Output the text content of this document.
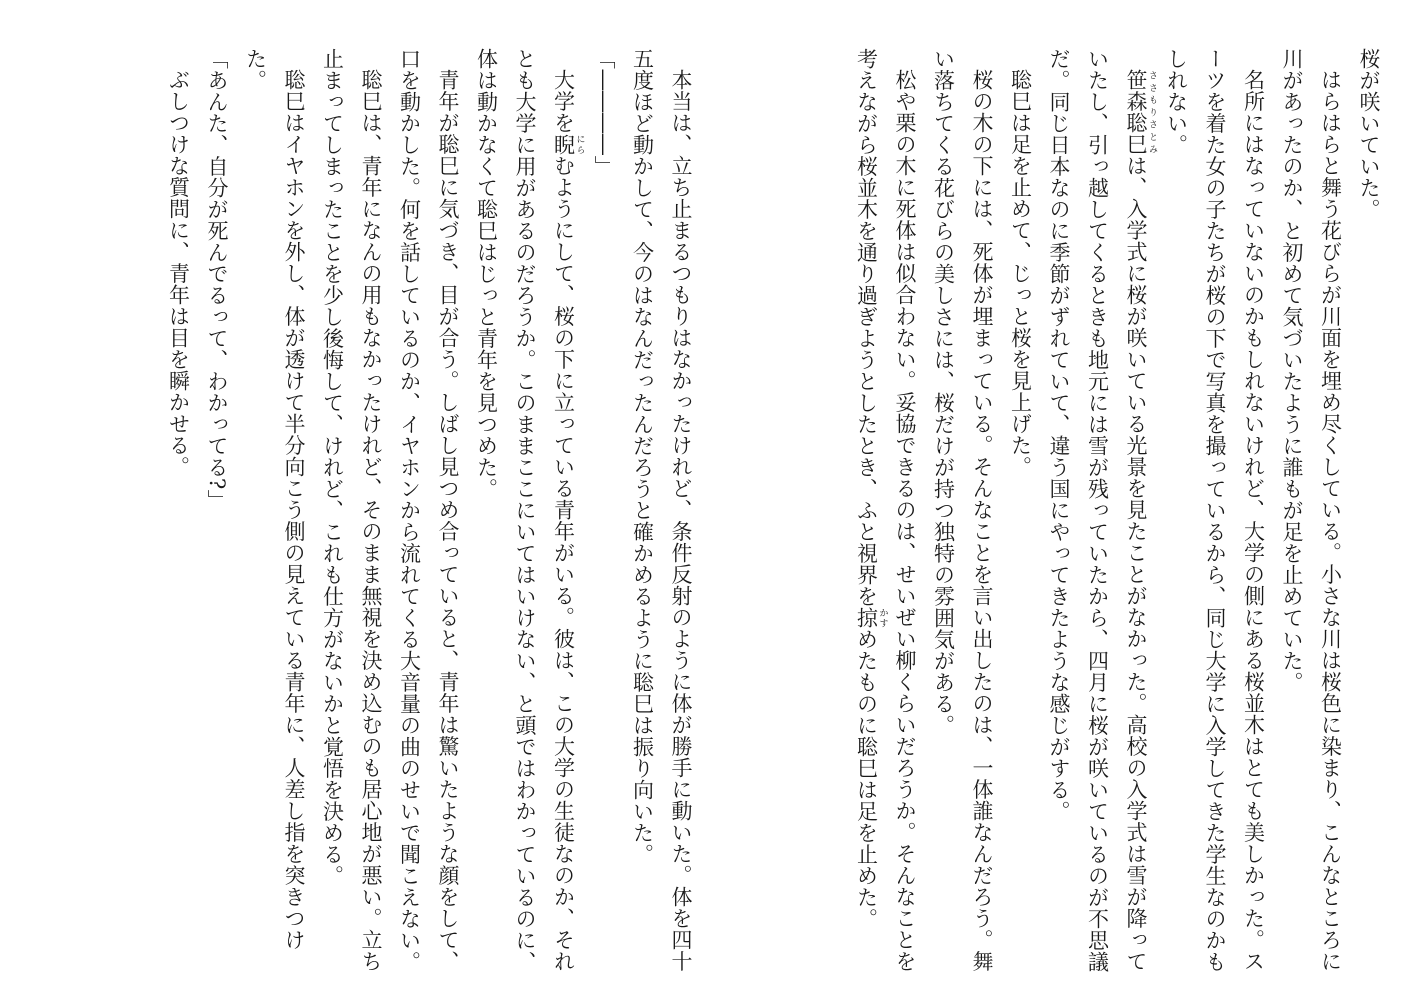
桜が咲いていた。
はらはらと舞う花びらが川面を埋め尽くしている。小さな川は桜色に染まり、こんなところに川があったのか、と初めて気づいたように誰もが足を止めていた。
名所にはなっていないのかもしれないけれど、大学の側にある桜並木はとても美しかった。スーツを着た女の子たちが桜の下で写真を撮っているから、同じ大学に入学してきた学生なのかもしれない。
笹森聡巳 ささもりさとみは、入学式に桜が咲いている光景を見たことがなかった。高校の入学式は雪が降っていたし、引っ越してくるときも地元には雪が残っていたから、四月に桜が咲いているのが不思議だ。同じ日本なのに季節がずれていて、違う国にやってきたような感じがする。
聡巳は足を止めて、じっと桜を見上げた。
桜の木の下には、死体が埋まっている。そんなことを言い出したのは、一体誰なんだろう。舞い落ちてくる花びらの美しさには、桜だけが持つ独特の雰囲気がある。
松や栗の木に死体は似合わない。妥協できるのは、せいぜい柳くらいだろうか。そんなことを考えながら桜並木を通り過ぎようとしたとき、ふと視界を掠 かすめたものに聡巳は足を止めた。
本当は、立ち止まるつもりはなかったけれど、条件反射のように体が勝手に動いた。体を四十五度ほど動かして、今のはなんだったんだろうと確かめるように聡巳は振り向いた。
「――――」
大学を睨 にらむようにして、桜の下に立っている青年がいる。彼は、この大学の生徒なのか、それとも大学に用があるのだろうか。このままここにいてはいけない、と頭ではわかっているのに、体は動かなくて聡巳はじっと青年を見つめた。
青年が聡巳に気づき、目が合う。しばし見つめ合っていると、青年は驚いたような顔をして、口を動かした。何を話しているのか、イヤホンから流れてくる大音量の曲のせいで聞こえない。
聡巳は、青年になんの用もなかったけれど、そのまま無視を決め込むのも居心地が悪い。立ち止まってしまったことを少し後悔して、けれど、これも仕方がないかと覚悟を決める。
聡巳はイヤホンを外し、体が透けて半分向こう側の見えている青年に、人差し指を突きつけた。
「あんた、自分が死んでるって、わかってる?」
ぶしつけな質問に、青年は目を瞬かせる。
